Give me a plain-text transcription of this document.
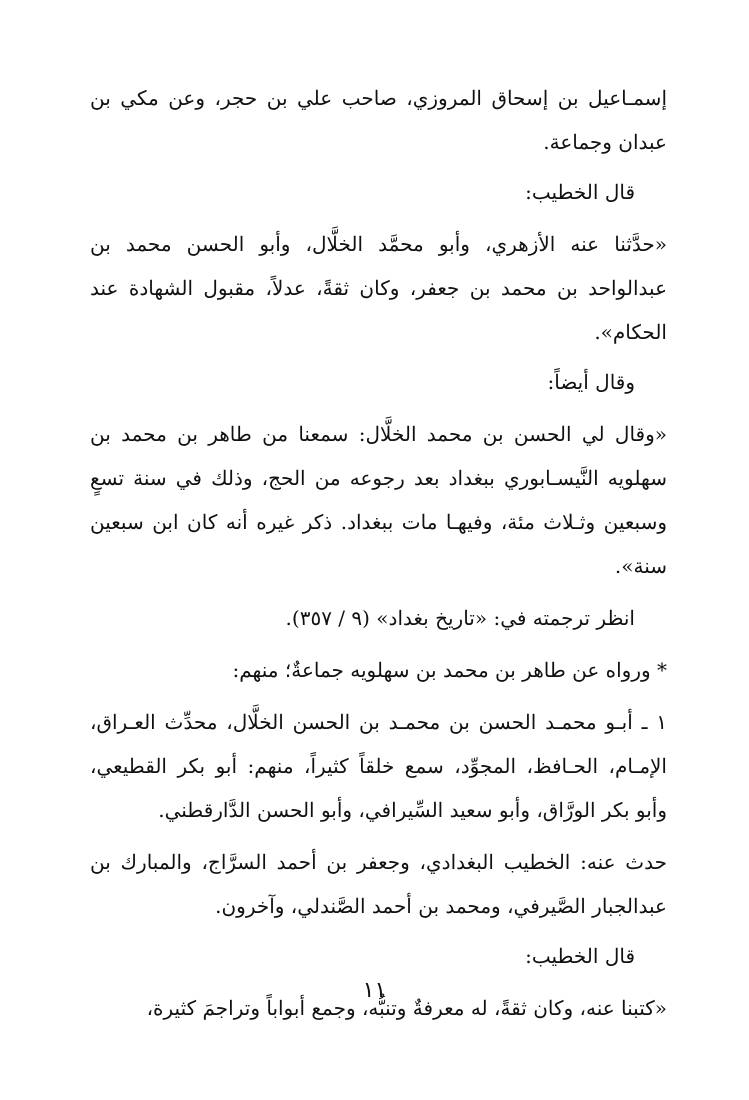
إسمـاعيل بن إسحاق المروزي، صاحب علي بن حجر، وعن مكي بن عبدان وجماعة.

قال الخطيب:

«حدَّثنا عنه الأزهري، وأبو محمَّد الخلَّال، وأبو الحسن محمد بن عبدالواحد بن محمد بن جعفر، وكان ثقةً، عدلاً، مقبول الشهادة عند الحكام».

وقال أيضاً:

«وقال لي الحسن بن محمد الخلَّال: سمعنا من طاهر بن محمد بن سهلويه النَّيسـابوري ببغداد بعد رجوعه من الحج، وذلك في سنة تسعٍ وسبعين وثـلاث مئة، وفيهـا مات ببغداد. ذكر غيره أنه كان ابن سبعين سنة».

انظر ترجمته في: «تاريخ بغداد» (٩ / ٣٥٧).

* ورواه عن طاهر بن محمد بن سهلويه جماعةٌ؛ منهم:

١ ـ أبـو محمـد الحسن بن محمـد بن الحسن الخلَّال، محدِّث العـراق، الإمـام، الحـافظ، المجوِّد، سمع خلقاً كثيراً، منهم: أبو بكر القطيعي، وأبو بكر الورَّاق، وأبو سعيد السِّيرافي، وأبو الحسن الدَّارقطني.

حدث عنه: الخطيب البغدادي، وجعفر بن أحمد السرَّاج، والمبارك بن عبدالجبار الصَّيرفي، ومحمد بن أحمد الصَّندلي، وآخرون.

قال الخطيب:

«كتبنا عنه، وكان ثقةً، له معرفةٌ وتنبُّه، وجمع أبواباً وتراجمَ كثيرة،

١١
